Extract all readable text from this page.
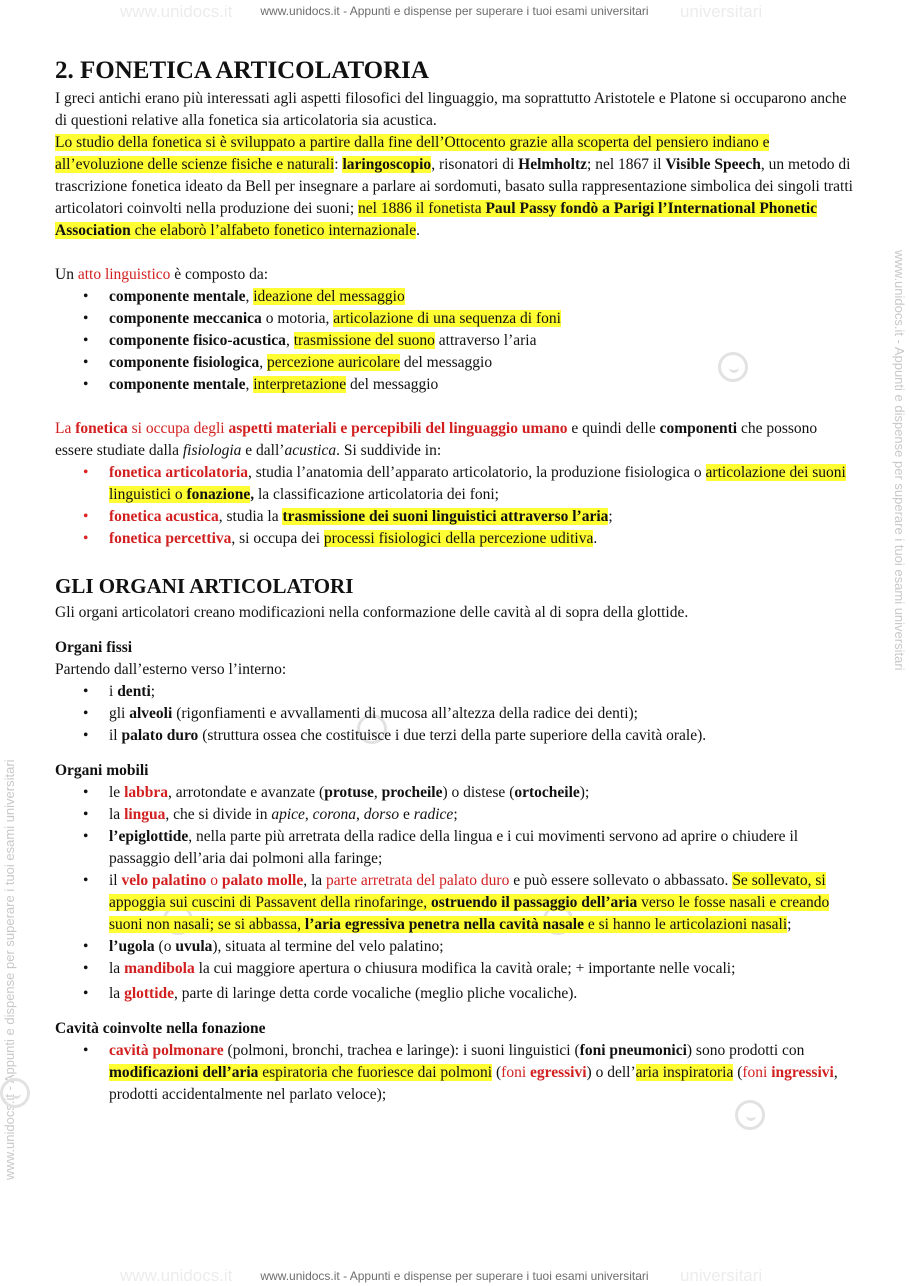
www.unidocs.it	universitari
www.unidocs.it - Appunti e dispense per superare i tuoi esami universitari
www.unidocs.it	universitari
www.unidocs.it - Appunti e dispense per superare i tuoi esami universitari
www.unidocs.it - Appunti e dispense per superare i tuoi esami universitari
www.unidocs.it - Appunti e dispense per superare i tuoi esami universitari
2. FONETICA ARTICOLATORIA

I greci antichi erano più interessati agli aspetti filosofici del linguaggio, ma soprattutto Aristotele e Platone si occuparono anche di questioni relative alla fonetica sia articolatoria sia acustica.

Lo studio della fonetica si è sviluppato a partire dalla fine dell’Ottocento grazie alla scoperta del pensiero indiano e all’evoluzione delle scienze fisiche e naturali: laringoscopio, risonatori di Helmholtz; nel 1867 il Visible Speech, un metodo di trascrizione fonetica ideato da Bell per insegnare a parlare ai sordomuti, basato sulla rappresentazione simbolica dei singoli tratti articolatori coinvolti nella produzione dei suoni; nel 1886 il fonetista Paul Passy fondò a Parigi l’International Phonetic Association che elaborò l’alfabeto fonetico internazionale.

Un atto linguistico è composto da:

• componente mentale, ideazione del messaggio
• componente meccanica o motoria, articolazione di una sequenza di foni
• componente fisico-acustica, trasmissione del suono attraverso l’aria
• componente fisiologica, percezione auricolare del messaggio
• componente mentale, interpretazione del messaggio

La fonetica si occupa degli aspetti materiali e percepibili del linguaggio umano e quindi delle componenti che possono essere studiate dalla fisiologia e dall’acustica. Si suddivide in:

• fonetica articolatoria, studia l’anatomia dell’apparato articolatorio, la produzione fisiologica o articolazione dei suoni linguistici o fonazione, la classificazione articolatoria dei foni;
• fonetica acustica, studia la trasmissione dei suoni linguistici attraverso l’aria;
• fonetica percettiva, si occupa dei processi fisiologici della percezione uditiva.
GLI ORGANI ARTICOLATORI

Gli organi articolatori creano modificazioni nella conformazione delle cavità al di sopra della glottide.

Organi fissi

Partendo dall’esterno verso l’interno:

• i denti;
• gli alveoli (rigonfiamenti e avvallamenti di mucosa all’altezza della radice dei denti);
• il palato duro (struttura ossea che costituisce i due terzi della parte superiore della cavità orale).
Organi mobili
• le labbra, arrotondate e avanzate (protuse, procheile) o distese (ortocheile);
• la lingua, che si divide in apice, corona, dorso e radice;
• l’epiglottide, nella parte più arretrata della radice della lingua e i cui movimenti servono ad aprire o chiudere il passaggio dell’aria dai polmoni alla faringe;
• il velo palatino o palato molle, la parte arretrata del palato duro e può essere sollevato o abbassato. Se sollevato, si appoggia sui cuscini di Passavent della rinofaringe, ostruendo il passaggio dell’aria verso le fosse nasali e creando suoni non nasali; se si abbassa, l’aria egressiva penetra nella cavità nasale e si hanno le articolazioni nasali;
• l’ugola (o uvula), situata al termine del velo palatino;
• la mandibola la cui maggiore apertura o chiusura modifica la cavità orale; + importante nelle vocali;
• la glottide, parte di laringe detta corde vocaliche (meglio pliche vocaliche).
Cavità coinvolte nella fonazione
• cavità polmonare (polmoni, bronchi, trachea e laringe): i suoni linguistici (foni pneumonici) sono prodotti con modificazioni dell’aria espiratoria che fuoriesce dai polmoni (foni egressivi) o dell’aria inspiratoria (foni ingressivi, prodotti accidentalmente nel parlato veloce);
